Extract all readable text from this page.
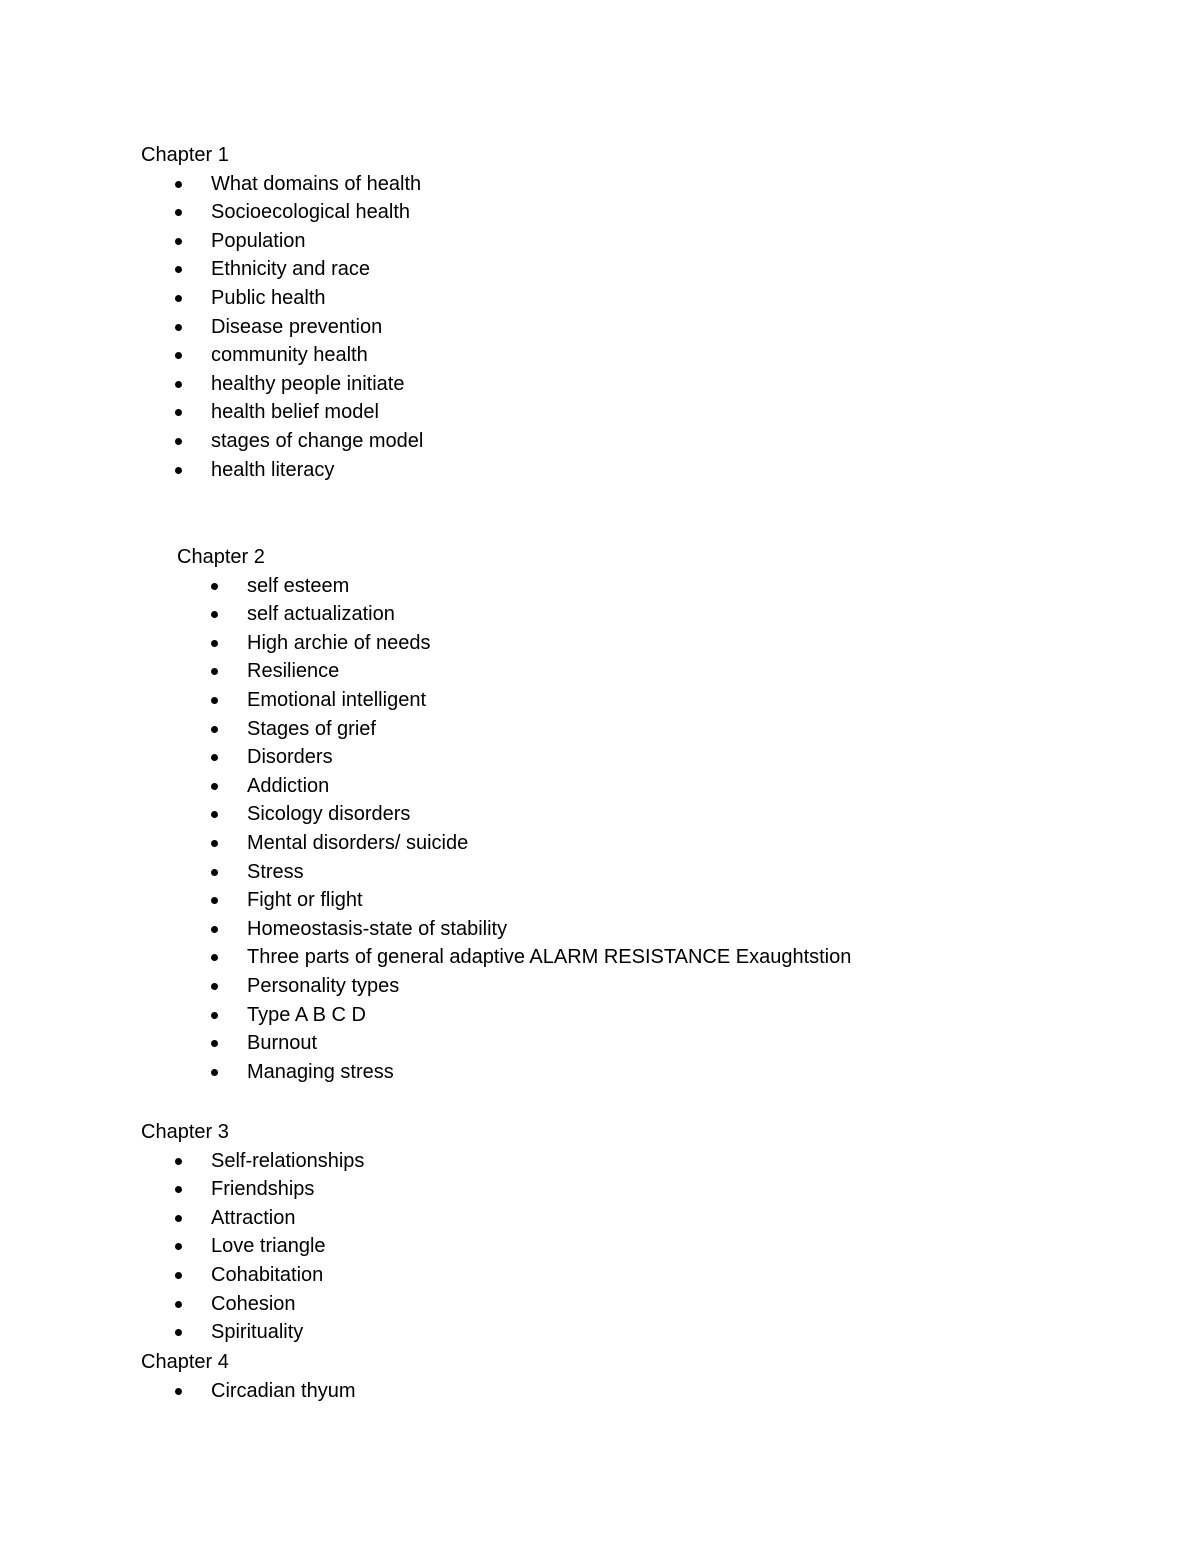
Chapter 1
What domains of health
Socioecological health
Population
Ethnicity and race
Public health
Disease prevention
community health
healthy people initiate
health belief model
stages of change model
health literacy
Chapter 2
self esteem
self actualization
High archie of needs
Resilience
Emotional intelligent
Stages of grief
Disorders
Addiction
Sicology disorders
Mental disorders/ suicide
Stress
Fight or flight
Homeostasis-state of stability
Three parts of general adaptive ALARM RESISTANCE Exaughtstion
Personality types
Type A B C D
Burnout
Managing stress
Chapter 3
Self-relationships
Friendships
Attraction
Love triangle
Cohabitation
Cohesion
Spirituality
Chapter 4
Circadian thyum
